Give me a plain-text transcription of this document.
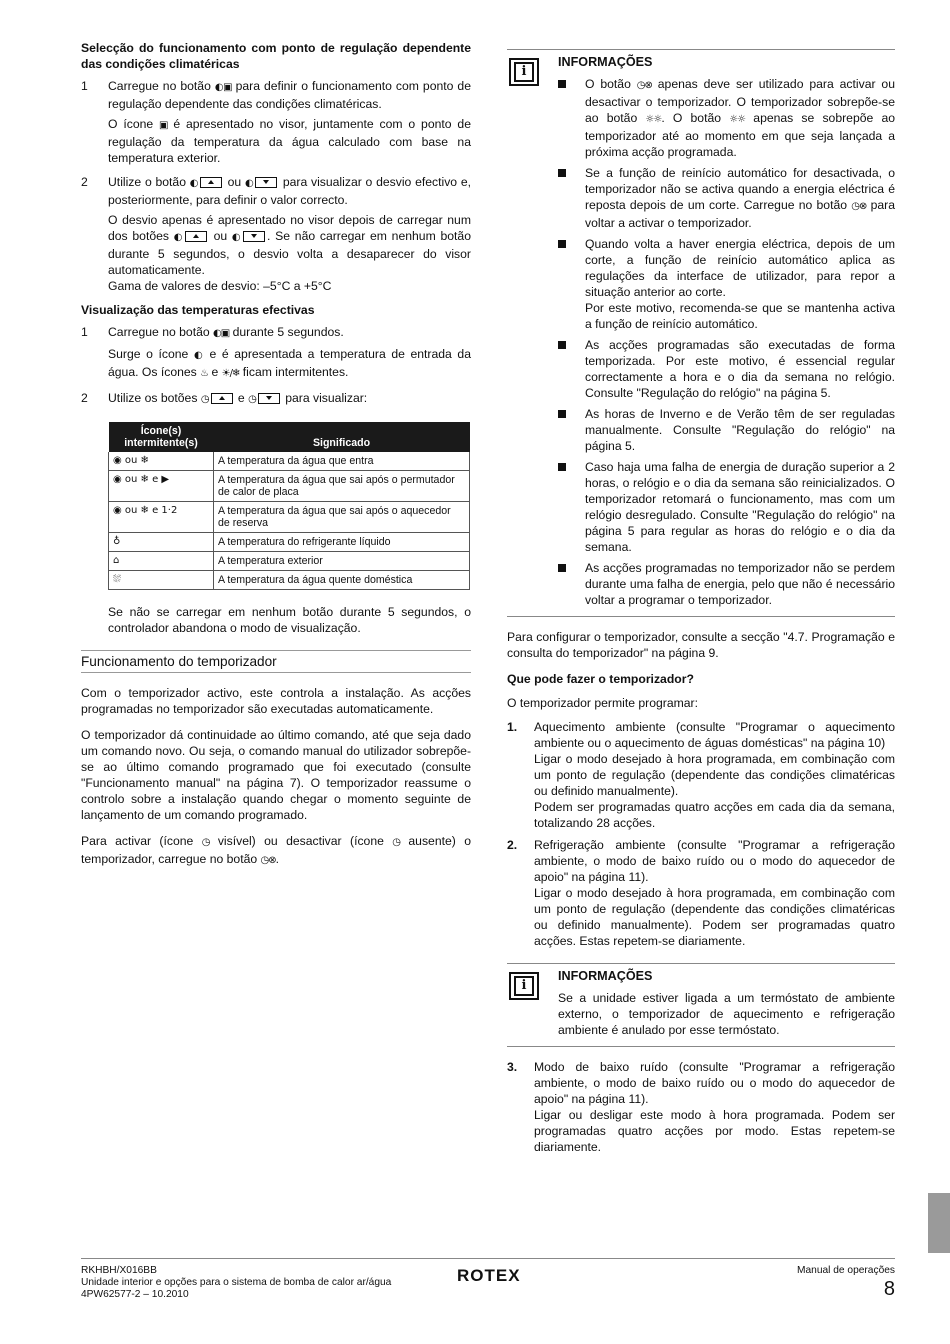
Selecção do funcionamento com ponto de regulação dependente das condições climatéricas

1	Carregue no botão ◐▣ para definir o funcionamento com ponto de regulação dependente das condições climatéricas.

O ícone ▣ é apresentado no visor, juntamente com o ponto de regulação da temperatura da água calculado com base na temperatura exterior.

2	Utilize o botão ◐ ou ◐ para visualizar o desvio efectivo e, posteriormente, para definir o valor correcto.

O desvio apenas é apresentado no visor depois de carregar num dos botões ◐ ou ◐ . Se não carregar em nenhum botão durante 5 segundos, o desvio volta a desaparecer do visor automaticamente.

Gama de valores de desvio: –5°C a +5°C

Visualização das temperaturas efectivas

1	Carregue no botão ◐▣ durante 5 segundos.

Surge o ícone ◐ e é apresentada a temperatura de entrada da água. Os ícones ♨ e ☀/❄ ficam intermitentes.

2	Utilize os botões ◷ e ◷ para visualizar:

Ícone(s) intermitente(s)	Significado
◉ ou ❄	A temperatura da água que entra
◉ ou ❄ e ▶	A temperatura da água que sai após o permutador de calor de placa
◉ ou ❄ e 1·2	A temperatura da água que sai após o aquecedor de reserva
♁	A temperatura do refrigerante líquido
⌂	A temperatura exterior
⛆	A temperatura da água quente doméstica

Se não se carregar em nenhum botão durante 5 segundos, o controlador abandona o modo de visualização.

Funcionamento do temporizador

Com o temporizador activo, este controla a instalação. As acções programadas no temporizador são executadas automaticamente.

O temporizador dá continuidade ao último comando, até que seja dado um comando novo. Ou seja, o comando manual do utilizador sobrepõe-se ao último comando programado que foi executado (consulte "Funcionamento manual" na página 7). O temporizador reassume o controlo sobre a instalação quando chegar o momento seguinte de lançamento de um comando programado.

Para activar (ícone ◷ visível) ou desactivar (ícone ◷ ausente) o temporizador, carregue no botão ◷⊗.

i
INFORMAÇÕES
O botão ◷⊗ apenas deve ser utilizado para activar ou desactivar o temporizador. O temporizador sobrepõe-se ao botão ☼☼. O botão ☼☼ apenas se sobrepõe ao temporizador até ao momento em que seja lançada a próxima acção programada.
Se a função de reinício automático for desactivada, o temporizador não se activa quando a energia eléctrica é reposta depois de um corte. Carregue no botão ◷⊗ para voltar a activar o temporizador.

Quando volta a haver energia eléctrica, depois de um corte, a função de reinício automático aplica as regulações da interface de utilizador, para repor a situação anterior ao corte.

Por este motivo, recomenda-se que se mantenha activa a função de reinício automático.

As acções programadas são executadas de forma temporizada. Por este motivo, é essencial regular correctamente a hora e o dia da semana no relógio. Consulte "Regulação do relógio" na página 5.
As horas de Inverno e de Verão têm de ser reguladas manualmente. Consulte "Regulação do relógio" na página 5.
Caso haja uma falha de energia de duração superior a 2 horas, o relógio e o dia da semana são reinicializados. O temporizador retomará o funcionamento, mas com um relógio desregulado. Consulte "Regulação do relógio" na página 5 para regular as horas do relógio e o dia da semana.
As acções programadas no temporizador não se perdem durante uma falha de energia, pelo que não é necessário voltar a programar o temporizador.

Para configurar o temporizador, consulte a secção "4.7. Programação e consulta do temporizador" na página 9.

Que pode fazer o temporizador?

O temporizador permite programar:

1.	Aquecimento ambiente (consulte "Programar o aquecimento ambiente ou o aquecimento de águas domésticas" na página 10)

Ligar o modo desejado à hora programada, em combinação com um ponto de regulação (dependente das condições climatéricas ou definido manualmente).

Podem ser programadas quatro acções em cada dia da semana, totalizando 28 acções.

2.	Refrigeração ambiente (consulte "Programar a refrigeração ambiente, o modo de baixo ruído ou o modo do aquecedor de apoio" na página 11).

Ligar o modo desejado à hora programada, em combinação com um ponto de regulação (dependente das condições climatéricas ou definido manualmente). Podem ser programadas quatro acções. Estas repetem-se diariamente.

i
INFORMAÇÕES

Se a unidade estiver ligada a um termóstato de ambiente externo, o temporizador de aquecimento e refrigeração ambiente é anulado por esse termóstato.

3.	Modo de baixo ruído (consulte "Programar a refrigeração ambiente, o modo de baixo ruído ou o modo do aquecedor de apoio" na página 11).

Ligar ou desligar este modo à hora programada. Podem ser programadas quatro acções por modo. Estas repetem-se diariamente.

RKHBH/X016BB
Unidade interior e opções para o sistema de bomba de calor ar/água
4PW62577-2 – 10.2010
ROTEX	Manual de operações
8
